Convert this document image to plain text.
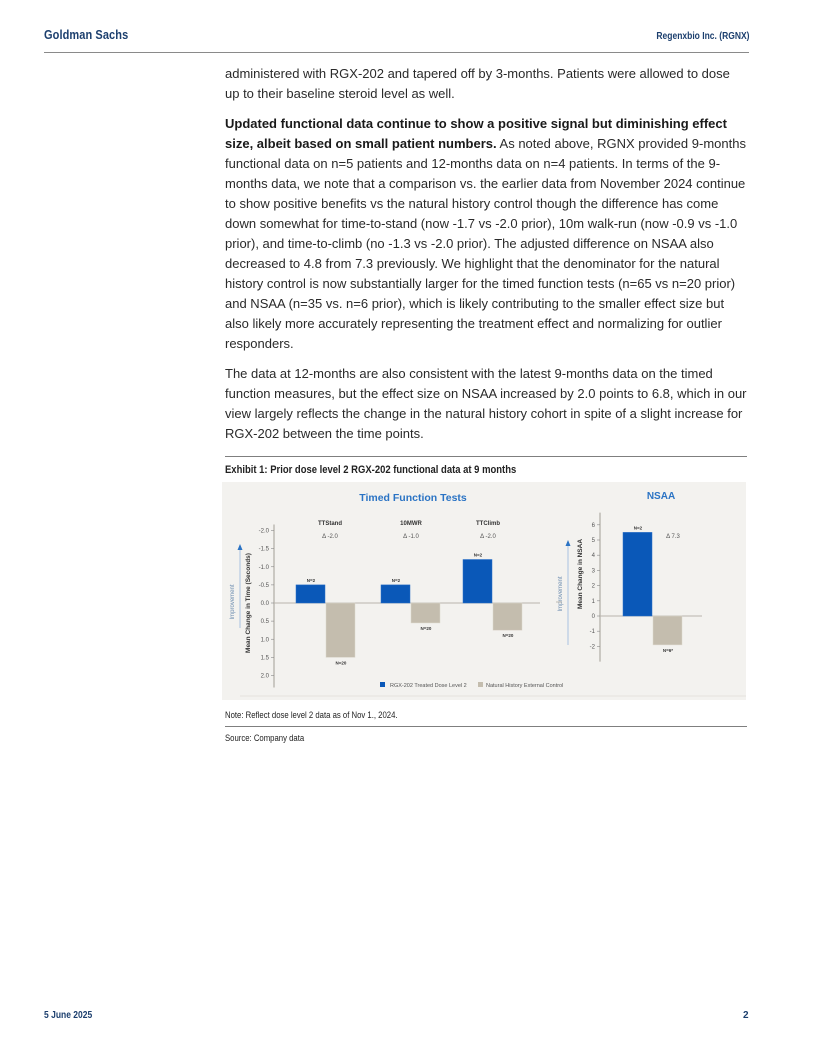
Goldman Sachs	Regenxbio Inc. (RGNX)

administered with RGX-202 and tapered off by 3-months. Patients were allowed to dose up to their baseline steroid level as well.

Updated functional data continue to show a positive signal but diminishing effect size, albeit based on small patient numbers. As noted above, RGNX provided 9-months functional data on n=5 patients and 12-months data on n=4 patients. In terms of the 9-months data, we note that a comparison vs. the earlier data from November 2024 continue to show positive benefits vs the natural history control though the difference has come down somewhat for time-to-stand (now -1.7 vs -2.0 prior), 10m walk-run (now -0.9 vs -1.0 prior), and time-to-climb (no -1.3 vs -2.0 prior). The adjusted difference on NSAA also decreased to 4.8 from 7.3 previously. We highlight that the denominator for the natural history control is now substantially larger for the timed function tests (n=65 vs n=20 prior) and NSAA (n=35 vs. n=6 prior), which is likely contributing to the smaller effect size but also likely more accurately representing the treatment effect and normalizing for outlier responders.

The data at 12-months are also consistent with the latest 9-months data on the timed function measures, but the effect size on NSAA increased by 2.0 points to 6.8, which in our view largely reflects the change in the natural history cohort in spite of a slight increase for RGX-202 between the time points.

Exhibit 1: Prior dose level 2 RGX-202 functional data at 9 months
Timed Function Tests	NSAA
-2.0
-1.5
-1.0
-0.5
0.0
0.5
1.0
1.5
2.0
Mean Change in Time (Seconds)
Improvement
TTStand
Δ -2.0
10MWR
Δ -1.0
TTClimb
Δ -2.0
N=2	N=2
N=2
N=20
N=20
N=20
-2
-1
0
1
2
3
4
5
6
Mean Change in NSAA
Improvement
N=2
N=6*
Δ 7.3
RGX-202 Treated Dose Level 2	Natural History External Control
Note: Reflect dose level 2 data as of Nov 1., 2024.
Source: Company data
5 June 2025	2
